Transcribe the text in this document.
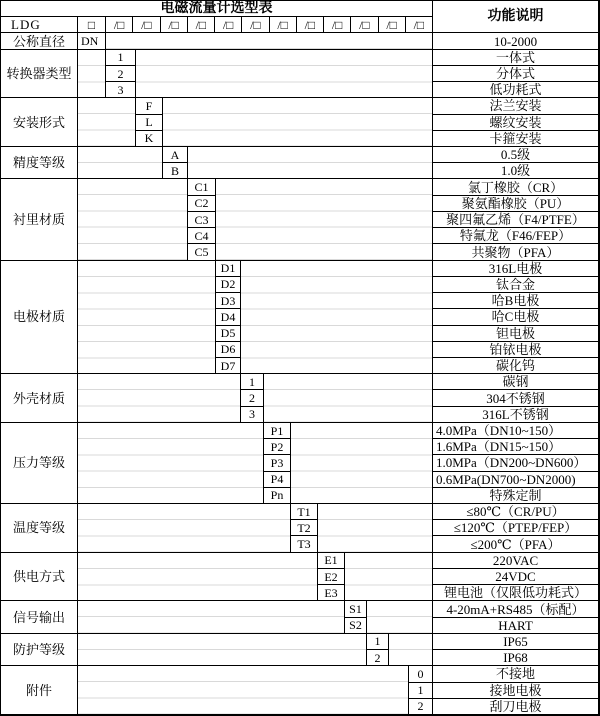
电磁流量计选型表
功能说明
LDG	□	/□	/□	/□	/□	/□	/□	/□	/□	/□	/□	/□	/□
公称直径	DN	10-2000
转换器类型
1	一体式
2	分体式
3	低功耗式
安装形式
F	法兰安装
L	螺纹安装
K	卡箍安装
精度等级
A	0.5级
B	1.0级
衬里材质
C1	氯丁橡胶（CR）
C2	聚氨酯橡胶（PU）
C3	聚四氟乙烯（F4/PTFE）
C4	特氟龙（F46/FEP）
C5	共聚物（PFA）
电极材质
D1	316L电极
D2	钛合金
D3	哈B电极
D4	哈C电极
D5	钽电极
D6	铂铱电极
D7	碳化钨
外壳材质
1	碳钢
2	304不锈钢
3	316L不锈钢
压力等级
P1	4.0MPa（DN10~150）
P2	1.6MPa（DN15~150）
P3	1.0MPa（DN200~DN600）
P4	0.6MPa(DN700~DN2000)
Pn	特殊定制
温度等级
T1	≤80℃（CR/PU）
T2	≤120℃（PTEP/FEP）
T3	≤200℃（PFA）
供电方式
E1	220VAC
E2	24VDC
E3	锂电池（仅限低功耗式）
信号输出
S1	4-20mA+RS485（标配）
S2	HART
防护等级
1	IP65
2	IP68
附件
0	不接地
1	接地电极
2	刮刀电极
